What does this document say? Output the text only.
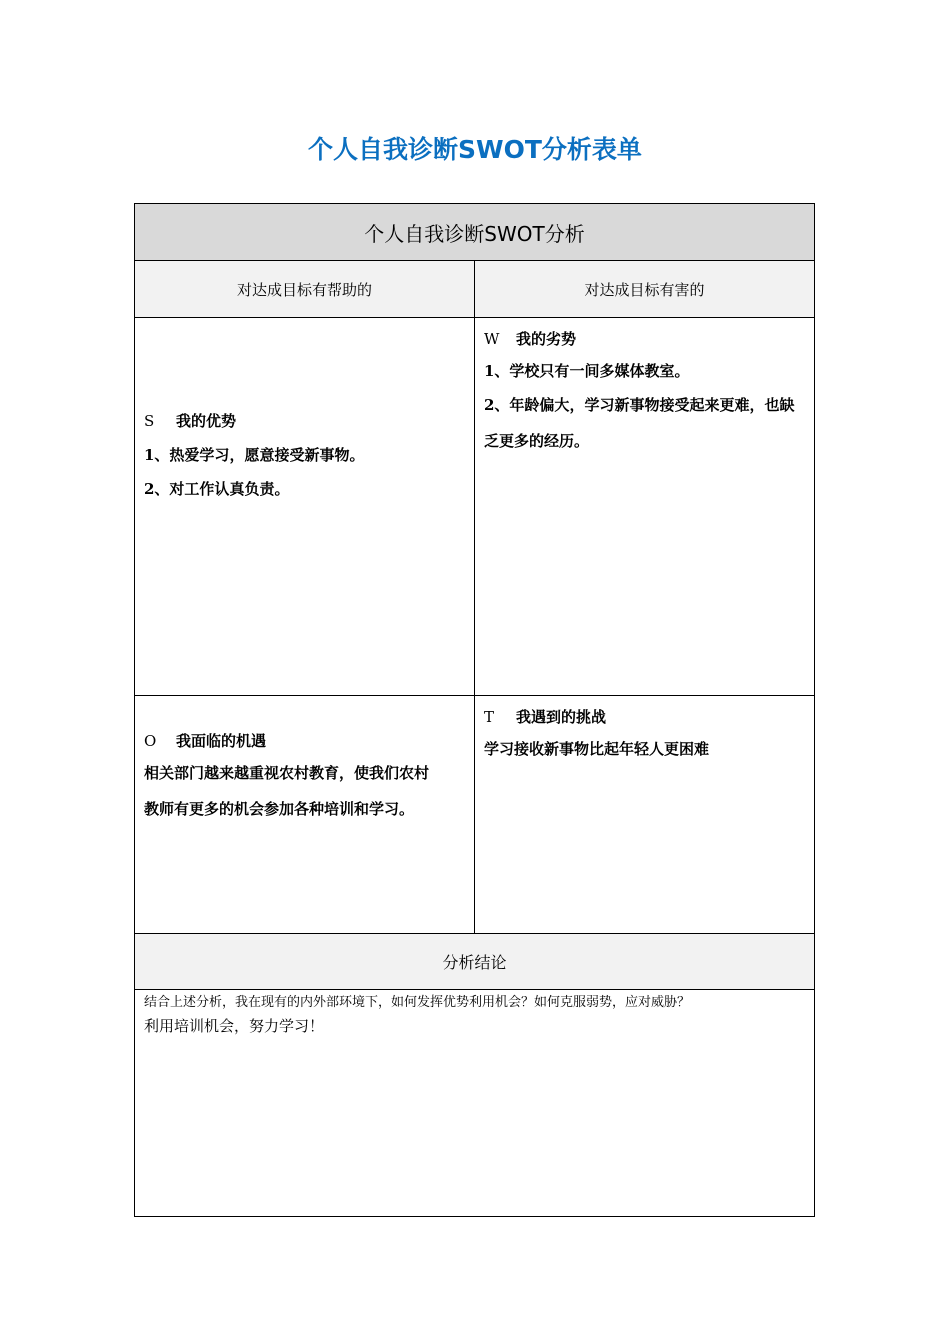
个人自我诊断SWOT分析表单
个人自我诊断SWOT分析
对达成目标有帮助的	对达成目标有害的
S 我的优势
1、热爱学习，愿意接受新事物。
2、对工作认真负责。
W 我的劣势
1、学校只有一间多媒体教室。
2、年龄偏大，学习新事物接受起来更难，也缺
乏更多的经历。
O 我面临的机遇
相关部门越来越重视农村教育，使我们农村
教师有更多的机会参加各种培训和学习。
T 我遇到的挑战
学习接收新事物比起年轻人更困难
分析结论
结合上述分析，我在现有的内外部环境下，如何发挥优势利用机会？如何克服弱势，应对威胁？
利用培训机会，努力学习！
